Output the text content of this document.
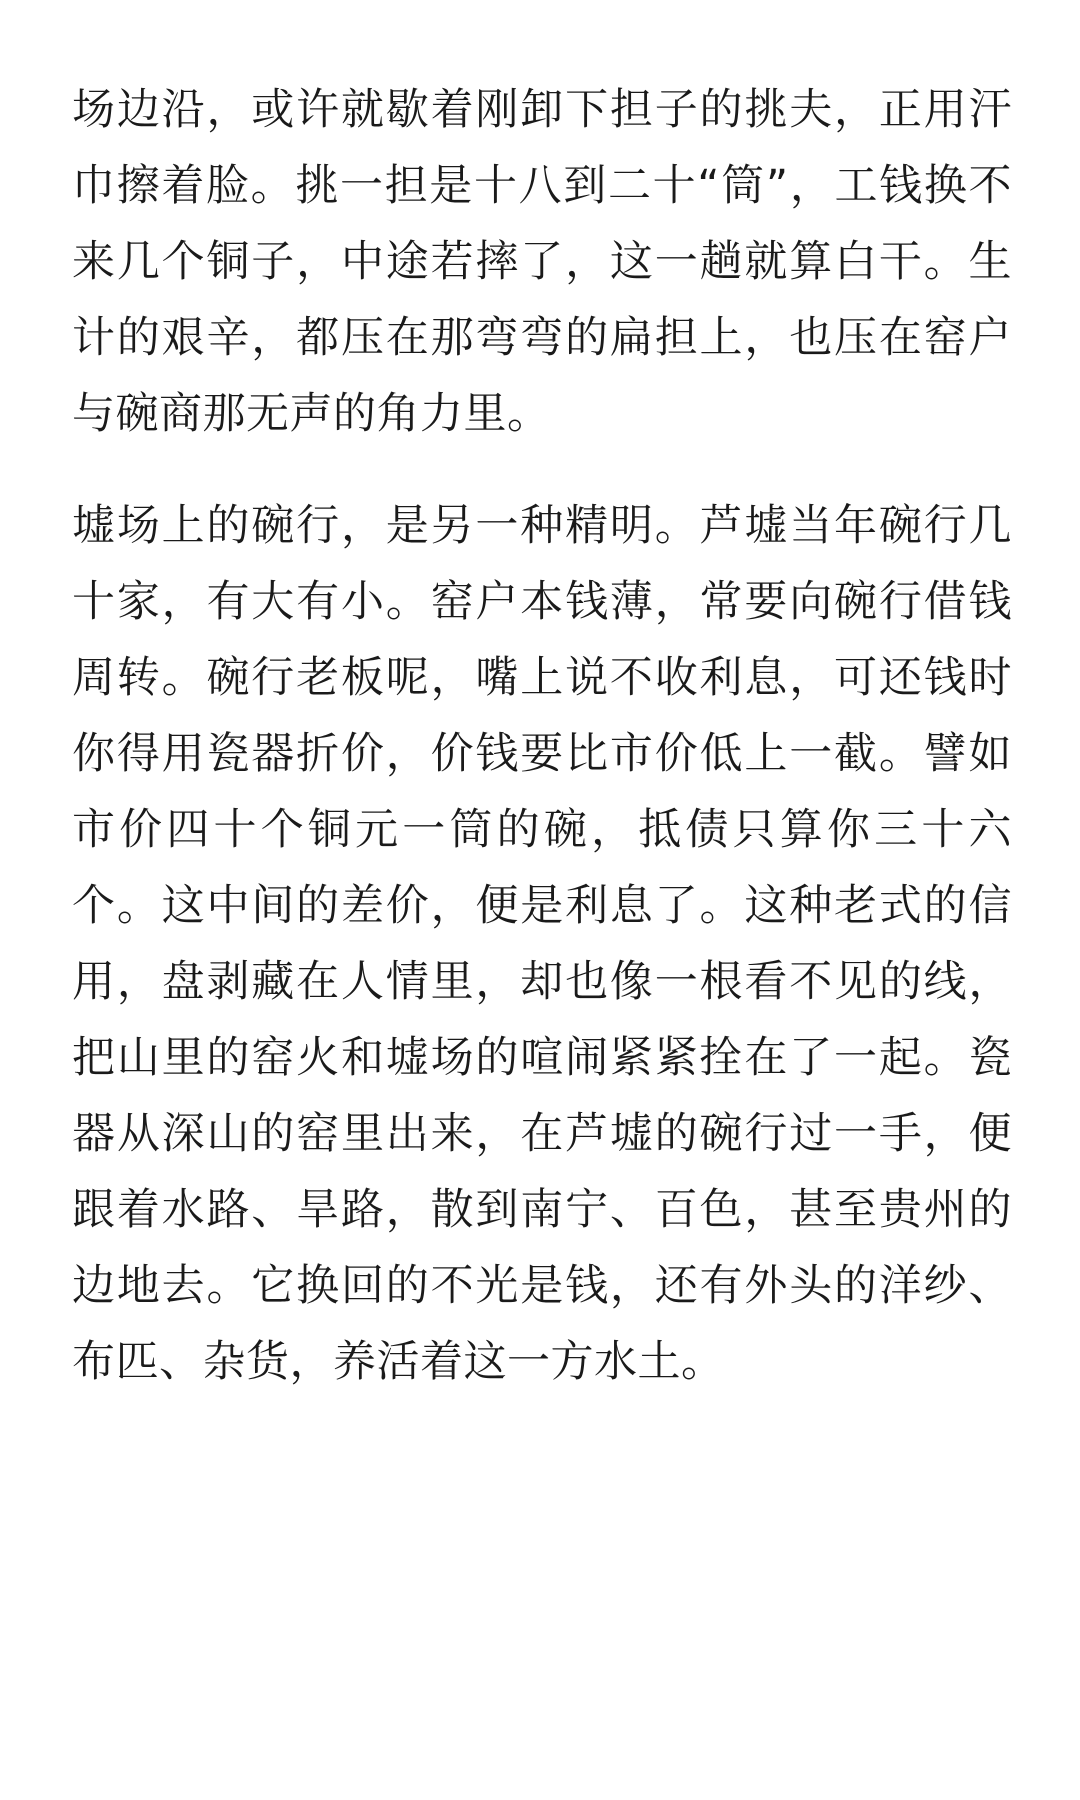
场边沿，或许就歇着刚卸下担子的挑夫，正用汗巾擦着脸。挑一担是十八到二十“筒”，工钱换不来几个铜子，中途若摔了，这一趟就算白干。生计的艰辛，都压在那弯弯的扁担上，也压在窑户与碗商那无声的角力里。

墟场上的碗行，是另一种精明。芦墟当年碗行几十家，有大有小。窑户本钱薄，常要向碗行借钱周转。碗行老板呢，嘴上说不收利息，可还钱时你得用瓷器折价，价钱要比市价低上一截。譬如市价四十个铜元一筒的碗，抵债只算你三十六个。这中间的差价，便是利息了。这种老式的信用，盘剥藏在人情里，却也像一根看不见的线，把山里的窑火和墟场的喧闹紧紧拴在了一起。瓷器从深山的窑里出来，在芦墟的碗行过一手，便跟着水路、旱路，散到南宁、百色，甚至贵州的边地去。它换回的不光是钱，还有外头的洋纱、布匹、杂货，养活着这一方水土。
